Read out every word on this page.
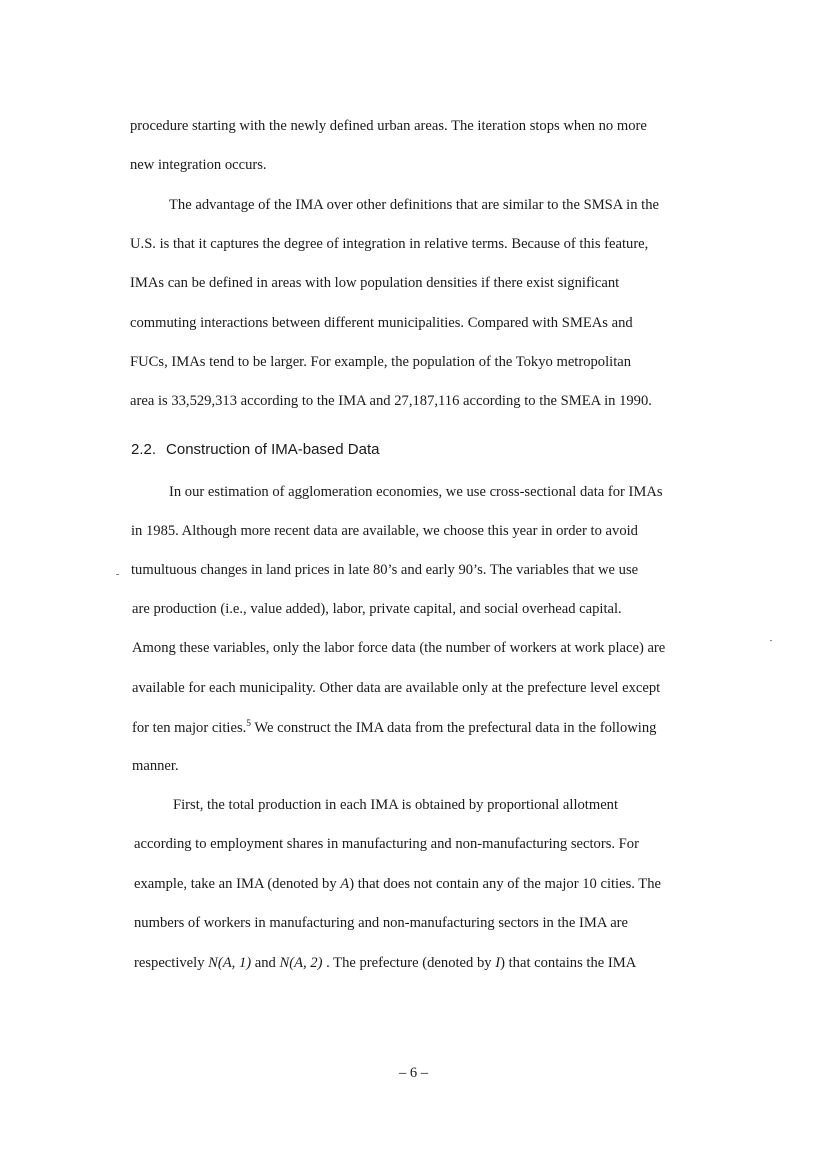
procedure starting with the newly defined urban areas. The iteration stops when no more
new integration occurs.
The advantage of the IMA over other definitions that are similar to the SMSA in the
U.S. is that it captures the degree of integration in relative terms. Because of this feature,
IMAs can be defined in areas with low population densities if there exist significant
commuting interactions between different municipalities. Compared with SMEAs and
FUCs, IMAs tend to be larger. For example, the population of the Tokyo metropolitan
area is 33,529,313 according to the IMA and 27,187,116 according to the SMEA in 1990.
2.2. Construction of IMA-based Data
In our estimation of agglomeration economies, we use cross-sectional data for IMAs
in 1985. Although more recent data are available, we choose this year in order to avoid
tumultuous changes in land prices in late 80’s and early 90’s. The variables that we use
are production (i.e., value added), labor, private capital, and social overhead capital.
Among these variables, only the labor force data (the number of workers at work place) are
available for each municipality. Other data are available only at the prefecture level except
for ten major cities.$^5$ We construct the IMA data from the prefectural data in the following
manner.
First, the total production in each IMA is obtained by proportional allotment
according to employment shares in manufacturing and non-manufacturing sectors. For
example, take an IMA (denoted by A) that does not contain any of the major 10 cities. The
numbers of workers in manufacturing and non-manufacturing sectors in the IMA are
respectively N(A, 1) and N(A, 2) . The prefecture (denoted by I) that contains the IMA
– 6 –
